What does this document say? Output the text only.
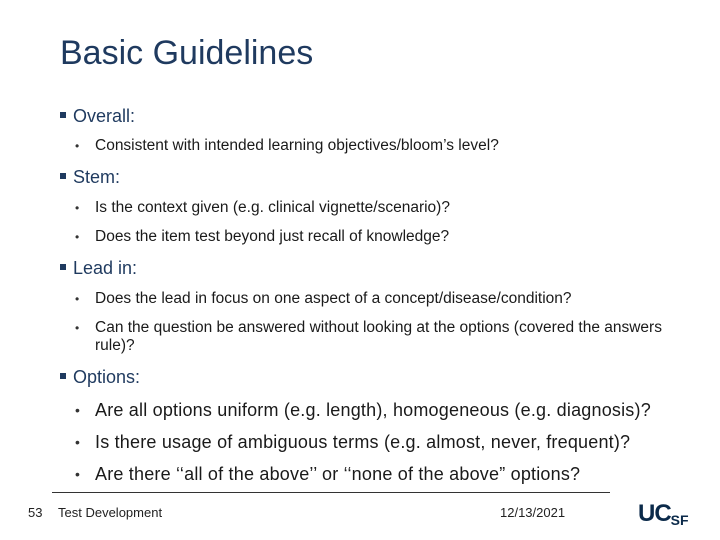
Basic Guidelines
Overall:
• Consistent with intended learning objectives/bloom’s level?
Stem:
• Is the context given (e.g. clinical vignette/scenario)?
• Does the item test beyond just recall of knowledge?
Lead in:
• Does the lead in focus on one aspect of a concept/disease/condition?
• Can the question be answered without looking at the options (covered the answers rule)?
Options:
• Are all options uniform (e.g. length), homogeneous (e.g. diagnosis)?
• Is there usage of ambiguous terms (e.g. almost, never, frequent)?
• Are there ‘‘all of the above’’ or ‘‘none of the above” options?
53 Test Development	12/13/2021	UCSF
